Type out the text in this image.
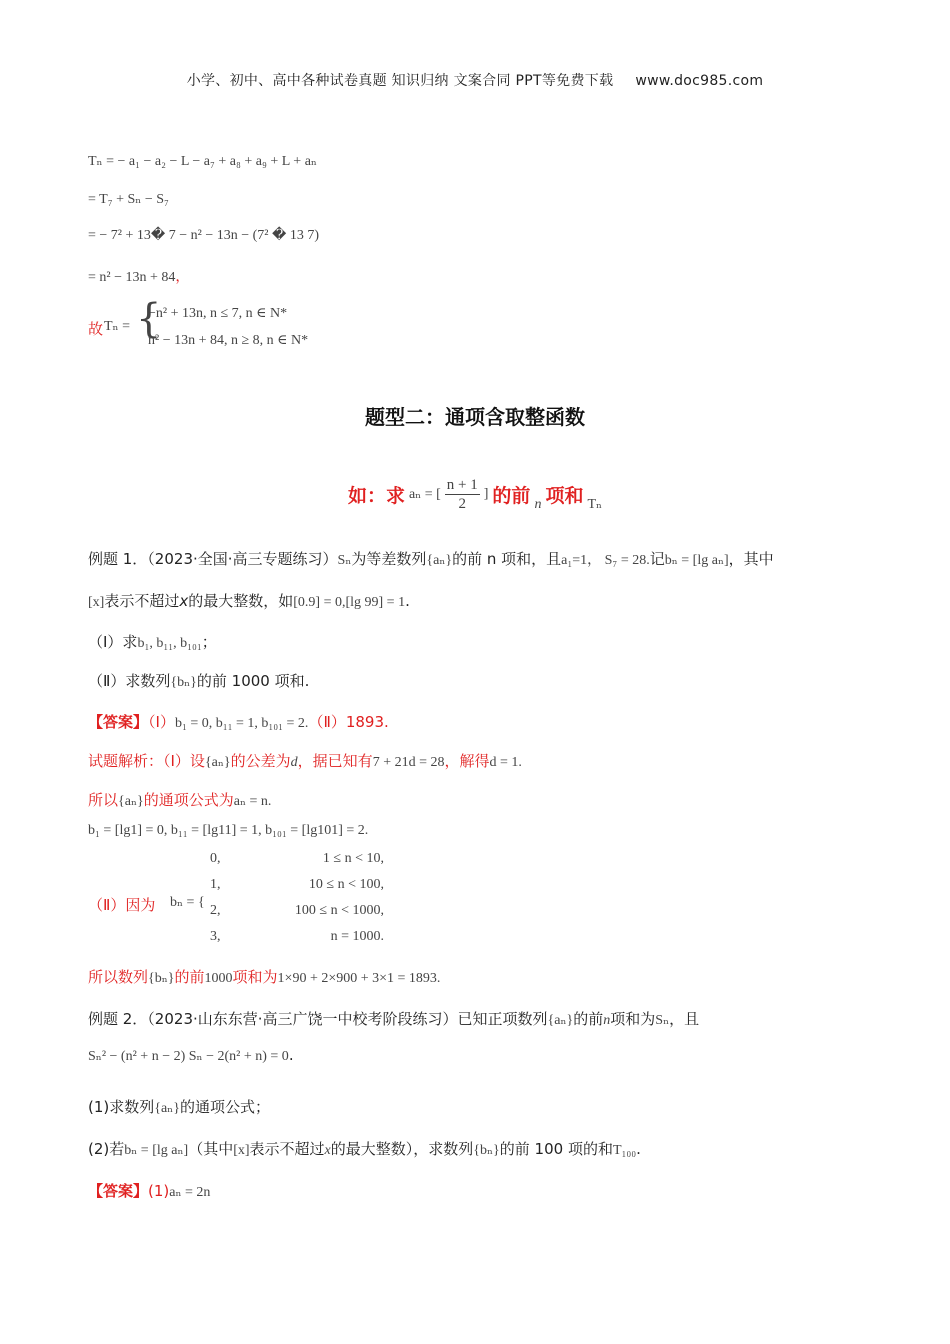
小学、初中、高中各种试卷真题 知识归纳 文案合同 PPT等免费下载 www.doc985.com
Tₙ = − a₁ − a₂ − L − a₇ + a₈ + a₉ + L + aₙ
= T₇ + Sₙ − S₇
= − 7² + 13� 7 − n² − 13n − (7² � 13 7)
= n² − 13n + 84，
故 Tₙ = {
−n² + 13n, n ≤ 7, n ∈ N*
n² − 13n + 84, n ≥ 8, n ∈ N*
题型二：通项含取整函数
如：求 aₙ = [ $\frac{n + 1}{2}$ ] 的前 n 项和 Tₙ
例题 1．（2023·全国·高三专题练习）Sₙ为等差数列{aₙ}的前 n 项和，且a₁=1， S₇ = 28.记bₙ = [lg aₙ]，其中
[x]表示不超过x的最大整数，如[0.9] = 0,[lg 99] = 1.
（Ⅰ）求b₁, b₁₁, b₁₀₁；
（Ⅱ）求数列{bₙ}的前 1000 项和.
【答案】（Ⅰ）b₁ = 0, b₁₁ = 1, b₁₀₁ = 2.（Ⅱ）1893.
试题解析：（Ⅰ）设{aₙ}的公差为d，据已知有7 + 21d = 28，解得d = 1.
所以{aₙ}的通项公式为aₙ = n.
b₁ = [lg1] = 0, b₁₁ = [lg11] = 1, b₁₀₁ = [lg101] = 2.
（Ⅱ）因为 bₙ = {
0,	1 ≤ n < 10,
1,	10 ≤ n < 100,
2,	100 ≤ n < 1000,
3,	n = 1000.
所以数列{bₙ}的前1000项和为1×90 + 2×900 + 3×1 = 1893.
例题 2．（2023·山东东营·高三广饶一中校考阶段练习）已知正项数列{aₙ}的前n项和为Sₙ，且
Sₙ² − (n² + n − 2) Sₙ − 2(n² + n) = 0.
(1)求数列{aₙ}的通项公式；
(2)若bₙ = [lg aₙ]（其中[x]表示不超过x的最大整数），求数列{bₙ}的前 100 项的和T₁₀₀.
【答案】(1)aₙ = 2n
